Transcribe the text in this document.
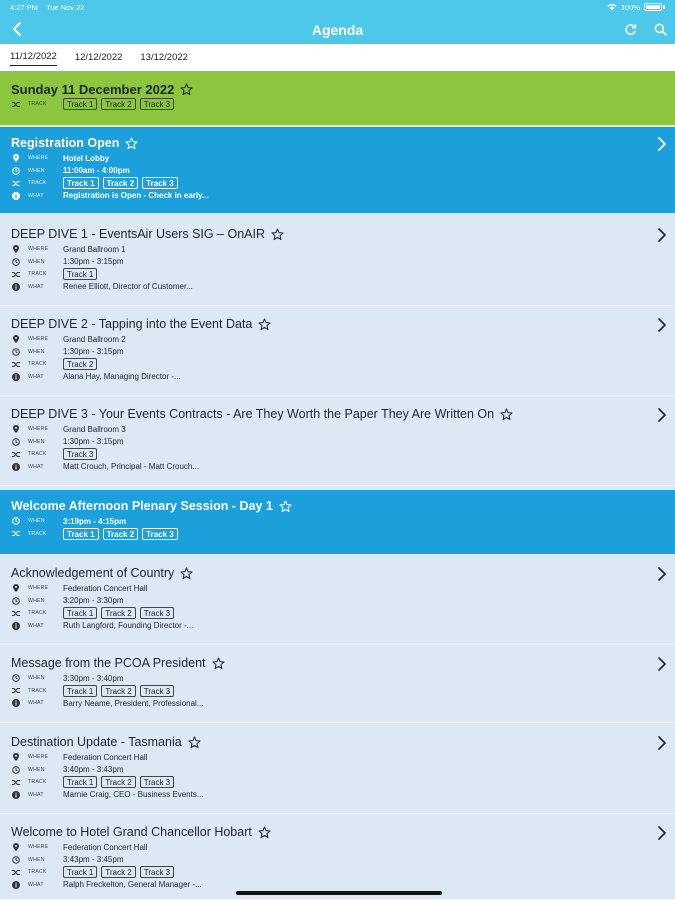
4:27 PM Tue Nov 22	100%
Agenda
11/12/2022 12/12/2022 13/12/2022
Sunday 11 December 2022
TRACK	Track 1	Track 2	Track 3
Registration Open
WHERE	Hotel Lobby
WHEN	11:00am - 4:00pm
TRACK	Track 1	Track 2	Track 3
WHAT	Registration is Open - Check in early...
DEEP DIVE 1 - EventsAir Users SIG – OnAIR
WHERE	Grand Ballroom 1
WHEN	1:30pm - 3:15pm
TRACK	Track 1
WHAT	Renee Elliott, Director of Customer...
DEEP DIVE 2 - Tapping into the Event Data
WHERE	Grand Ballroom 2
WHEN	1:30pm - 3:15pm
TRACK	Track 2
WHAT	Alana Hay, Managing Director -...
DEEP DIVE 3 - Your Events Contracts - Are They Worth the Paper They Are Written On
WHERE	Grand Ballroom 3
WHEN	1:30pm - 3:15pm
TRACK	Track 3
WHAT	Matt Crouch, Principal - Matt Crouch...
Welcome Afternoon Plenary Session - Day 1
WHEN	3:19pm - 4:15pm
TRACK	Track 1	Track 2	Track 3
Acknowledgement of Country
WHERE	Federation Concert Hall
WHEN	3:20pm - 3:30pm
TRACK	Track 1	Track 2	Track 3
WHAT	Ruth Langford, Founding Director -...
Message from the PCOA President
WHEN	3:30pm - 3:40pm
TRACK	Track 1	Track 2	Track 3
WHAT	Barry Neame, President, Professional...
Destination Update - Tasmania
WHERE	Federation Concert Hall
WHEN	3:40pm - 3:43pm
TRACK	Track 1	Track 2	Track 3
WHAT	Marnie Craig, CEO - Business Events...
Welcome to Hotel Grand Chancellor Hobart
WHERE	Federation Concert Hall
WHEN	3:43pm - 3:45pm
TRACK	Track 1	Track 2	Track 3
WHAT	Ralph Freckelton, General Manager -...
